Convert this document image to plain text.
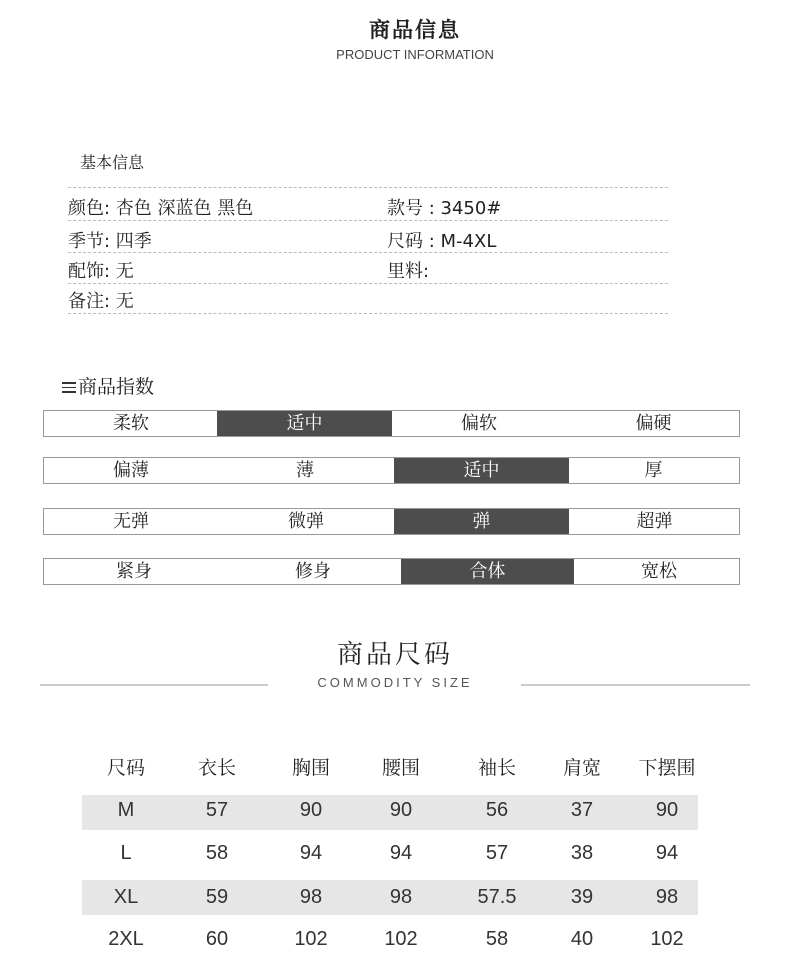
商品信息
PRODUCT INFORMATION
基本信息
颜色: 杏色 深蓝色 黑色	款号 : 3450#
季节: 四季	尺码 : M-4XL
配饰: 无	里料:
备注: 无
商品指数
柔软	适中	偏软	偏硬
偏薄	薄	适中	厚
无弹	微弹	弹	超弹
紧身	修身	合体	宽松
商品尺码
COMMODITY SIZE
尺码	衣长	胸围	腰围	袖长	肩宽	下摆围
M	57	90	90	56	37	90
L	58	94	94	57	38	94
XL	59	98	98	57.5	39	98
2XL	60	102	102	58	40	102
